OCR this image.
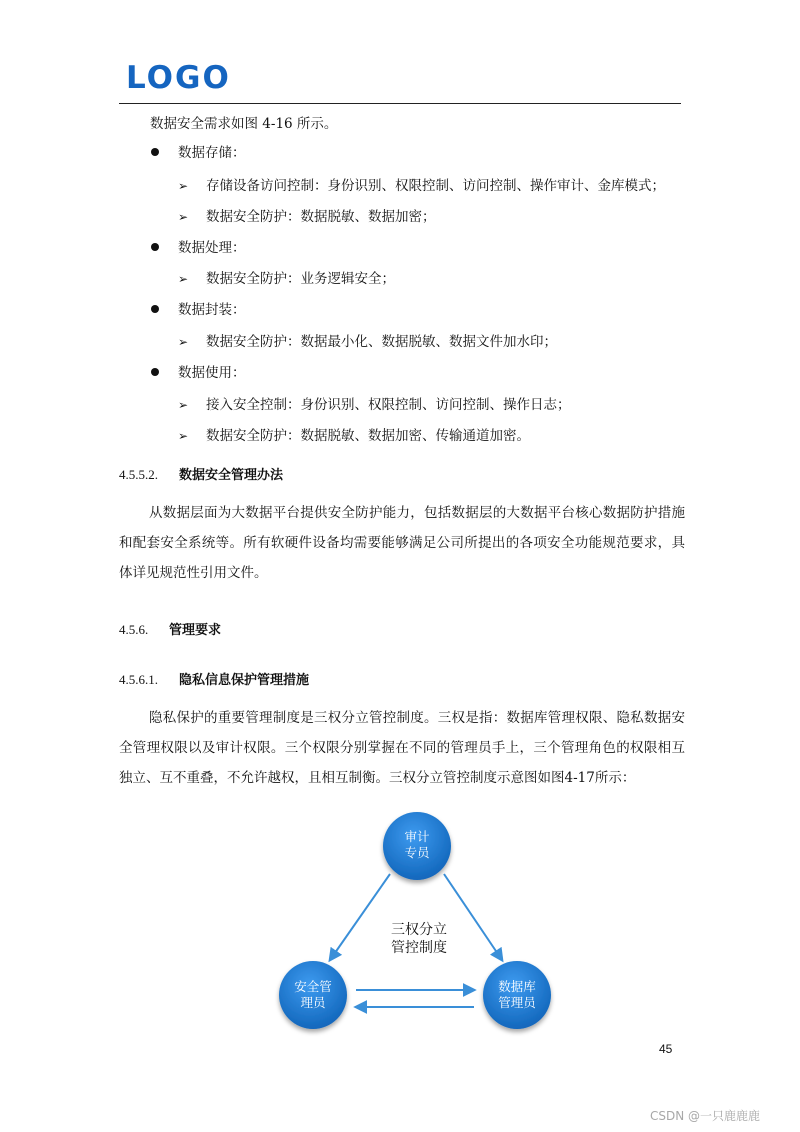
LOGO
数据安全需求如图 4-16 所示。
数据存储：
➢ 存储设备访问控制：身份识别、权限控制、访问控制、操作审计、金库模式；
➢ 数据安全防护：数据脱敏、数据加密；
数据处理：
➢ 数据安全防护：业务逻辑安全；
数据封装：
➢ 数据安全防护：数据最小化、数据脱敏、数据文件加水印；
数据使用：
➢ 接入安全控制：身份识别、权限控制、访问控制、操作日志；
➢ 数据安全防护：数据脱敏、数据加密、传输通道加密。
4.5.5.2. 数据安全管理办法
从数据层面为大数据平台提供安全防护能力，包括数据层的大数据平台核心数据防护措施和配套安全系统等。所有软硬件设备均需要能够满足公司所提出的各项安全功能规范要求，具体详见规范性引用文件。
4.5.6. 管理要求
4.5.6.1. 隐私信息保护管理措施
隐私保护的重要管理制度是三权分立管控制度。三权是指：数据库管理权限、隐私数据安全管理权限以及审计权限。三个权限分别掌握在不同的管理员手上，三个管理角色的权限相互独立、互不重叠，不允许越权，且相互制衡。三权分立管控制度示意图如图4-17所示：
审计
专员
安全管
理员
数据库
管理员
三权分立
管控制度
45
CSDN @一只鹿鹿鹿
